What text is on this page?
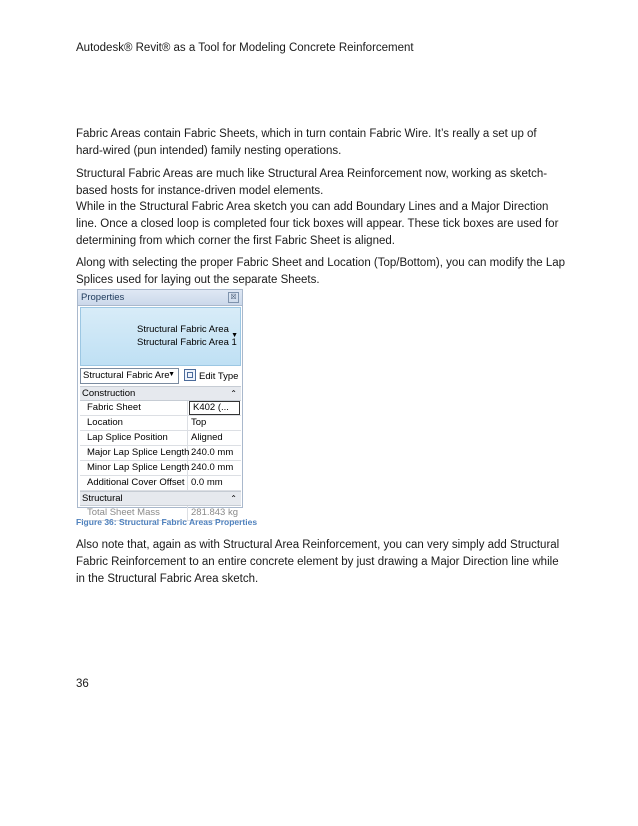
Autodesk® Revit® as a Tool for Modeling Concrete Reinforcement
Fabric Areas contain Fabric Sheets, which in turn contain Fabric Wire. It’s really a set up of hard-wired (pun intended) family nesting operations.
Structural Fabric Areas are much like Structural Area Reinforcement now, working as sketch-based hosts for instance-driven model elements.
While in the Structural Fabric Area sketch you can add Boundary Lines and a Major Direction line. Once a closed loop is completed four tick boxes will appear. These tick boxes are used for determining from which corner the first Fabric Sheet is aligned.
Along with selecting the proper Fabric Sheet and Location (Top/Bottom), you can modify the Lap Splices used for laying out the separate Sheets.
Properties	☒
Structural Fabric Area
Structural Fabric Area 1
▼
Structural Fabric Are
▼	Edit Type
Construction	⌃
Fabric Sheet	K402 (...
Location	Top
Lap Splice Position	Aligned
Major Lap Splice Length 240.0 mm
Minor Lap Splice Length 240.0 mm
Additional Cover Offset 0.0 mm
Structural	⌃
Total Sheet Mass	281.843 kg
Figure 36: Structural Fabric Areas Properties
Also note that, again as with Structural Area Reinforcement, you can very simply add Structural Fabric Reinforcement to an entire concrete element by just drawing a Major Direction line while in the Structural Fabric Area sketch.
36
